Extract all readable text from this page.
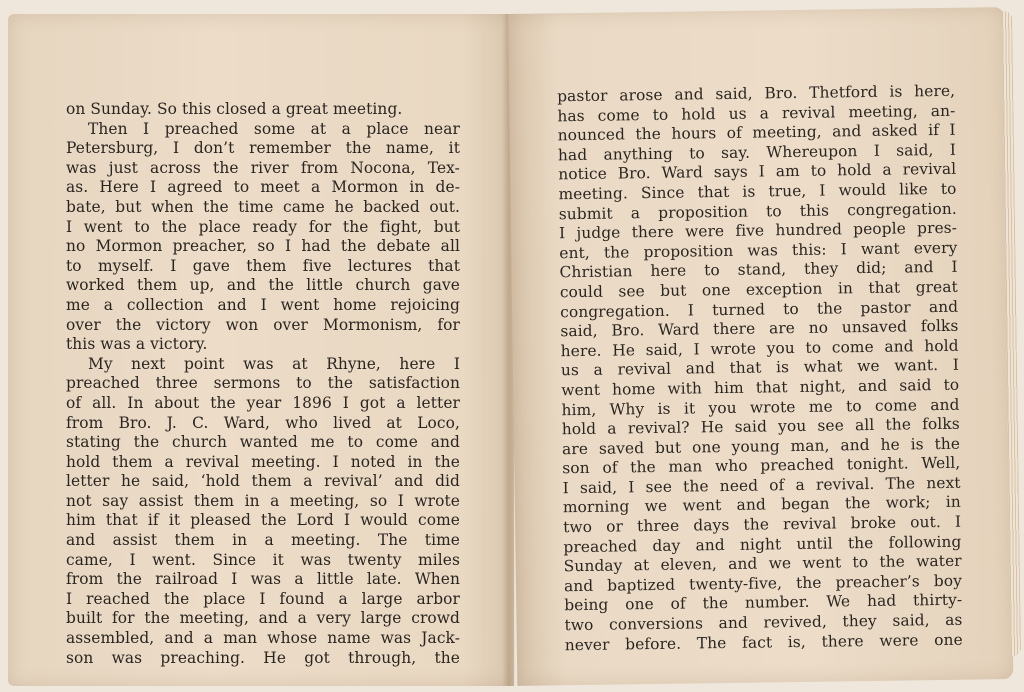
on Sunday. So this closed a great meeting.
Then I preached some at a place near
Petersburg, I don’t remember the name, it
was just across the river from Nocona, Tex-
as. Here I agreed to meet a Mormon in de-
bate, but when the time came he backed out.
I went to the place ready for the fight, but
no Mormon preacher, so I had the debate all
to myself. I gave them five lectures that
worked them up, and the little church gave
me a collection and I went home rejoicing
over the victory won over Mormonism, for
this was a victory.
My next point was at Rhyne, here I
preached three sermons to the satisfaction
of all. In about the year 1896 I got a letter
from Bro. J. C. Ward, who lived at Loco,
stating the church wanted me to come and
hold them a revival meeting. I noted in the
letter he said, ‘hold them a revival’ and did
not say assist them in a meeting, so I wrote
him that if it pleased the Lord I would come
and assist them in a meeting. The time
came, I went. Since it was twenty miles
from the railroad I was a little late. When
I reached the place I found a large arbor
built for the meeting, and a very large crowd
assembled, and a man whose name was Jack-
son was preaching. He got through, the
pastor arose and said, Bro. Thetford is here,
has come to hold us a revival meeting, an-
nounced the hours of meeting, and asked if I
had anything to say. Whereupon I said, I
notice Bro. Ward says I am to hold a revival
meeting. Since that is true, I would like to
submit a proposition to this congregation.
I judge there were five hundred people pres-
ent, the proposition was this: I want every
Christian here to stand, they did; and I
could see but one exception in that great
congregation. I turned to the pastor and
said, Bro. Ward there are no unsaved folks
here. He said, I wrote you to come and hold
us a revival and that is what we want. I
went home with him that night, and said to
him, Why is it you wrote me to come and
hold a revival? He said you see all the folks
are saved but one young man, and he is the
son of the man who preached tonight. Well,
I said, I see the need of a revival. The next
morning we went and began the work; in
two or three days the revival broke out. I
preached day and night until the following
Sunday at eleven, and we went to the water
and baptized twenty-five, the preacher’s boy
being one of the number. We had thirty-
two conversions and revived, they said, as
never before. The fact is, there were one
